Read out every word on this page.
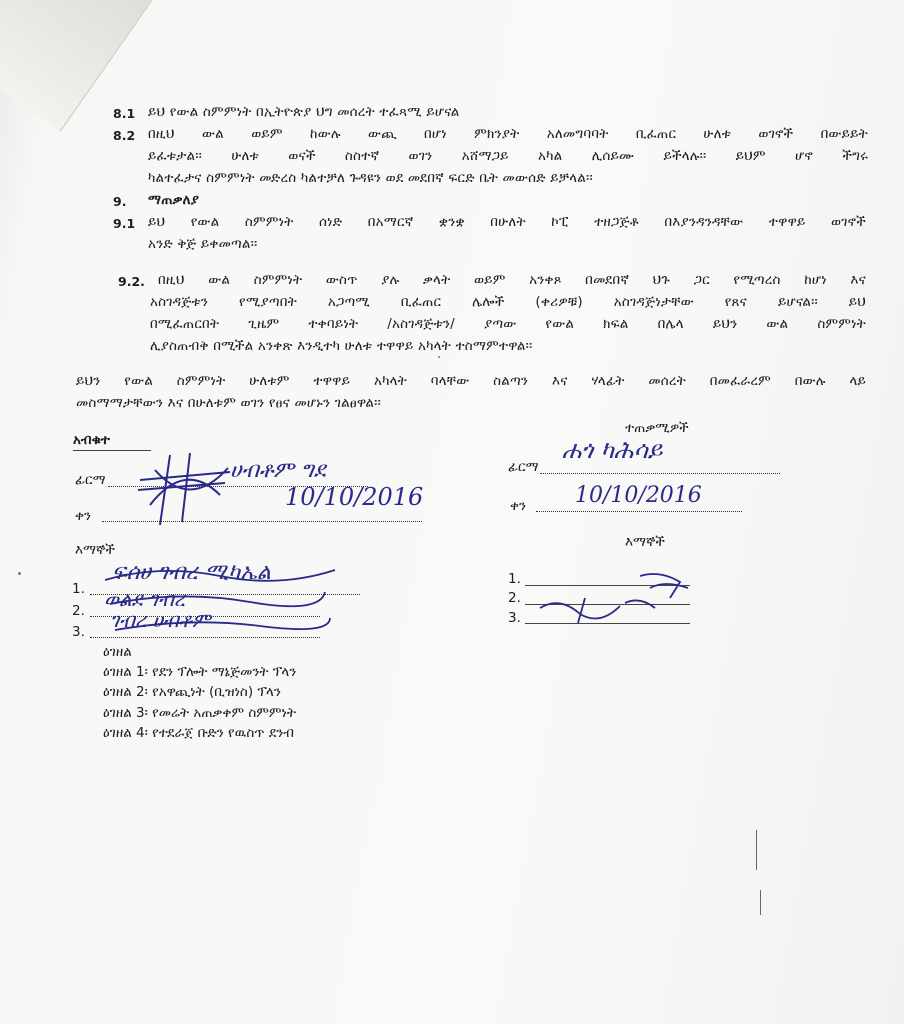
8.1 ይህ የውል ስምምነት በኢትዮጵያ ህግ መሰረት ተፈጻሚ ይሆናል
8.2 በዚህ ውል ወይም ከውሉ ውጪ በሆነ ምክንያት አለመግባባት ቢፈጠር ሁለቱ ወገኖች በውይይት
ይፈቱታል፡፡ ሁለቱ ወናች ስስተኛ ወገን አሸማጋይ አካል ሊሰይሙ ይችላሉ፡፡ ይህም ሆኖ ችግሩ
ካልተፈታና ስምምነት መድረስ ካልተቻለ ጉዳዩን ወደ መደበኛ ፍርድ ቤት መውሰድ ይቻላል፡፡
9. ማጠቃለያ
9.1 ይህ የውል ስምምነት ሰነድ በአማርኛ ቋንቋ በሁለት ኮፒ ተዘጋጅቶ በእያንዳንዳቸው ተዋዋይ ወገኖች
አንድ ቅጅ ይቀመጣል፡፡
9.2. በዚህ ውል ስምምነት ውስጥ ያሉ ቃላት ወይም አንቀጾ በመደበኛ ህጉ ጋር የሚጣረስ ከሆነ እና
አስገዳጅቱን የሚያጣበት አጋጣሚ ቢፈጠር ሌሎች (ቀሪዎቹ) አስገዳጅነታቸው የጸና ይሆናል፡፡ ይህ
በሚፈጠርበት ጊዜም ተቀባይነት /አስገዳጅቱን/ ያጣው የውል ክፍል በሌላ ይህን ውል ስምምነት
ሊያስጠብቅ በሚችል አንቀጽ እንዲተካ ሁለቱ ተዋዋይ አካላት ተስማምተዋል፡፡
ይህን የውል ስምምነት ሁለቱም ተዋዋይ አካላት ባላቸው ስልጣን እና ሃላፊት መሰረት በመፈራረም በውሉ ላይ
መስማማታቸውን እና በሁለቱም ወገን የፀና መሆኑን ገልፀዋል፡፡
አብቁተ
ፊርማ	ሀብቶም ግደ
ቀን
10/10/2016
ተጠቃሚዎች
ፊርማ
ሐጎ ካሕሳይ
ቀን 10/10/2016
እማኞች
1.
2.
3.
ፍሰሀ ገብረ ሚካኤል
ወልደ ገብረ
ገብረ ሀብቶም
እማኞች
1.
2.
3.
ዕገዘል
ዕገዘል 1፡ የደን ፕሎት ማኔጅመንት ፕላን
ዕገዘል 2፡ የአዋጪነት (ቢዝነስ) ፕላን
ዕገዘል 3፡ የመሬት አጠቃቀም ስምምነት
ዕገዘል 4፡ የተደራጀ ቡድን የዉስጥ ደንብ
